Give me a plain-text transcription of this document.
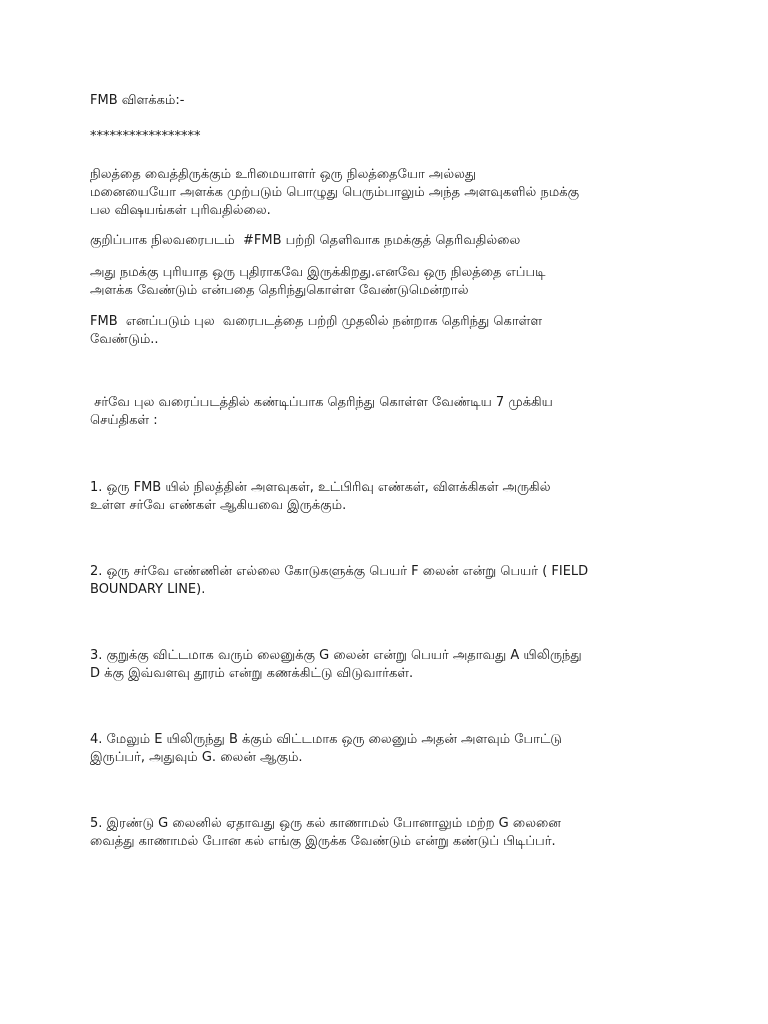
FMB விளக்கம்:-

*****************

நிலத்தை வைத்திருக்கும் உரிமையாளர் ஒரு நிலத்தையோ அல்லது
மனையையோ அளக்க முற்படும் பொழுது பெரும்பாலும் அந்த அளவுகளில் நமக்கு
பல விஷயங்கள் புரிவதில்லை.

குறிப்பாக நிலவரைபடம்  #FMB பற்றி தெளிவாக நமக்குத் தெரிவதில்லை

அது நமக்கு புரியாத ஒரு புதிராகவே இருக்கிறது.எனவே ஒரு நிலத்தை எப்படி
அளக்க வேண்டும் என்பதை தெரிந்துகொள்ள வேண்டுமென்றால்

FMB  எனப்படும் புல  வரைபடத்தை பற்றி முதலில் நன்றாக தெரிந்து கொள்ள
வேண்டும்..

சர்வே புல வரைப்படத்தில் கண்டிப்பாக தெரிந்து கொள்ள வேண்டிய 7 முக்கிய
செய்திகள் :

1. ஒரு FMB யில் நிலத்தின் அளவுகள், உட்பிரிவு எண்கள், விளக்கிகள் அருகில்
உள்ள சர்வே எண்கள் ஆகியவை இருக்கும்.

2. ஒரு சர்வே எண்ணின் எல்லை கோடுகளுக்கு பெயர் F லைன் என்று பெயர் ( FIELD
BOUNDARY LINE).

3. குறுக்கு விட்டமாக வரும் லைனுக்கு G லைன் என்று பெயர் அதாவது A யிலிருந்து
D க்கு இவ்வளவு தூரம் என்று கணக்கிட்டு விடுவார்கள்.

4. மேலும் E யிலிருந்து B க்கும் விட்டமாக ஒரு லைனும் அதன் அளவும் போட்டு
இருப்பர், அதுவும் G. லைன் ஆகும்.

5. இரண்டு G லைனில் ஏதாவது ஒரு கல் காணாமல் போனாலும் மற்ற G லைனை
வைத்து காணாமல் போன கல் எங்கு இருக்க வேண்டும் என்று கண்டுப் பிடிப்பர்.
